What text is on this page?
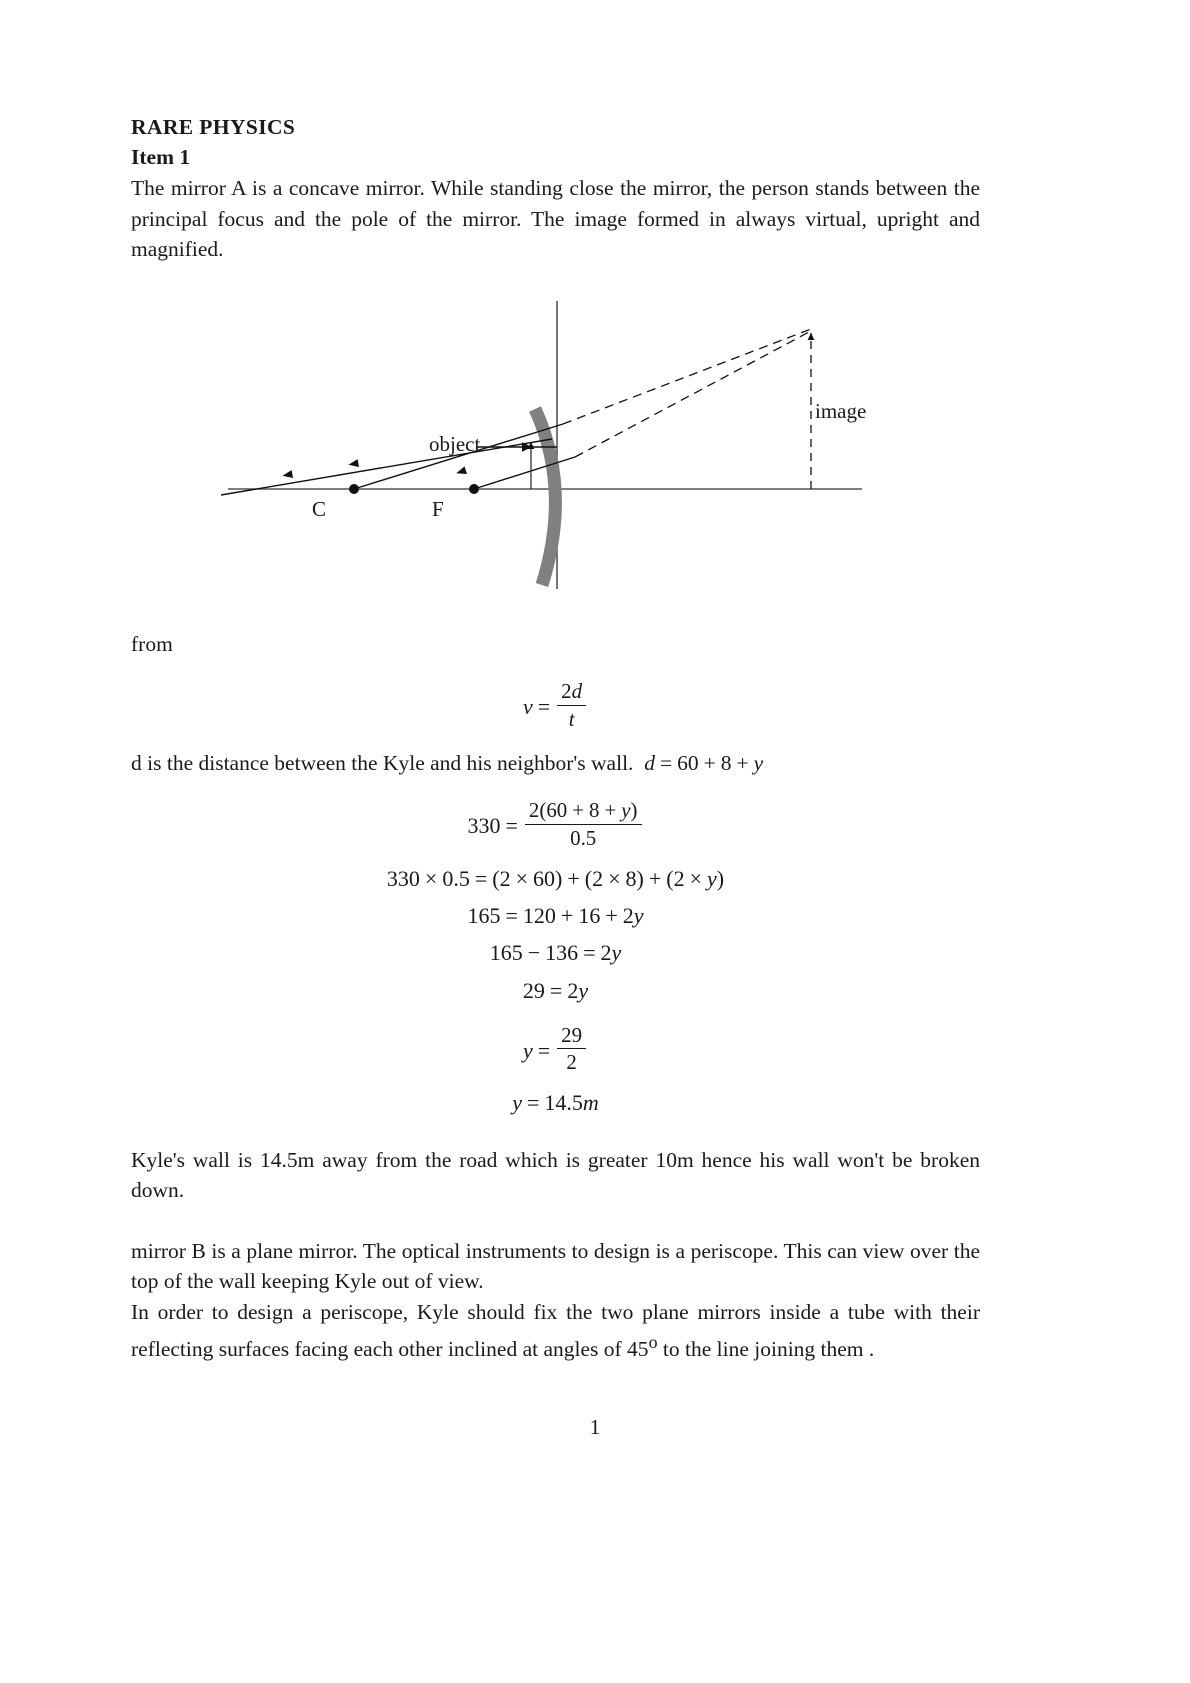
RARE PHYSICS
Item 1

The mirror A is a concave mirror. While standing close the mirror, the person stands between the principal focus and the pole of the mirror. The image formed in always virtual, upright and magnified.

C	F
object
image
from
$v = \frac{2d}{t}$
d is the distance between the Kyle and his neighbor's wall. d = 60 + 8 + y
$330 = \frac{2(60 + 8 + y)}{0.5}$
330 × 0.5 = (2 × 60) + (2 × 8) + (2 × y)
165 = 120 + 16 + 2y
165 − 136 = 2y
29 = 2y
$y = \frac{29}{2}$
y = 14.5m

Kyle's wall is 14.5m away from the road which is greater 10m hence his wall won't be broken down.

mirror B is a plane mirror. The optical instruments to design is a periscope. This can view over the top of the wall keeping Kyle out of view.

In order to design a periscope, Kyle should fix the two plane mirrors inside a tube with their reflecting surfaces facing each other inclined at angles of 45$^o$ to the line joining them .

1
